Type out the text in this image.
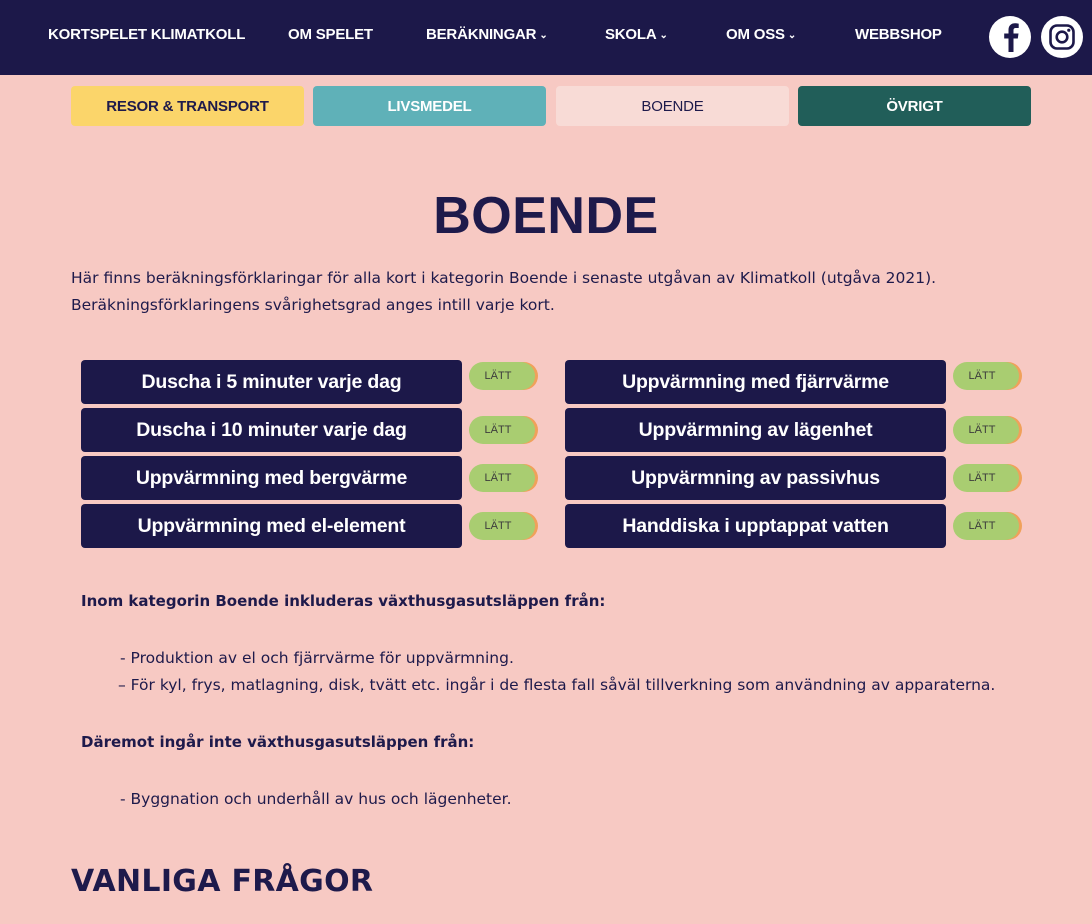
KORTSPELET KLIMATKOLL	OM SPELET	BERÄKNINGAR ⌄	SKOLA ⌄	OM OSS ⌄	WEBBSHOP
RESOR & TRANSPORT	LIVSMEDEL	BOENDE	ÖVRIGT
BOENDE
Här finns beräkningsförklaringar för alla kort i kategorin Boende i senaste utgåvan av Klimatkoll (utgåva 2021).
Beräkningsförklaringens svårighetsgrad anges intill varje kort.
Duscha i 5 minuter varje dag	LÄTT	Uppvärmning med fjärrvärme	LÄTT
Duscha i 10 minuter varje dag	LÄTT	Uppvärmning av lägenhet	LÄTT
Uppvärmning med bergvärme	LÄTT	Uppvärmning av passivhus	LÄTT
Uppvärmning med el-element	LÄTT	Handdiska i upptappat vatten	LÄTT
Inom kategorin Boende inkluderas växthusgasutsläppen från:
- Produktion av el och fjärrvärme för uppvärmning.
– För kyl, frys, matlagning, disk, tvätt etc. ingår i de flesta fall såväl tillverkning som användning av apparaterna.
Däremot ingår inte växthusgasutsläppen från:
- Byggnation och underhåll av hus och lägenheter.
VANLIGA FRÅGOR
